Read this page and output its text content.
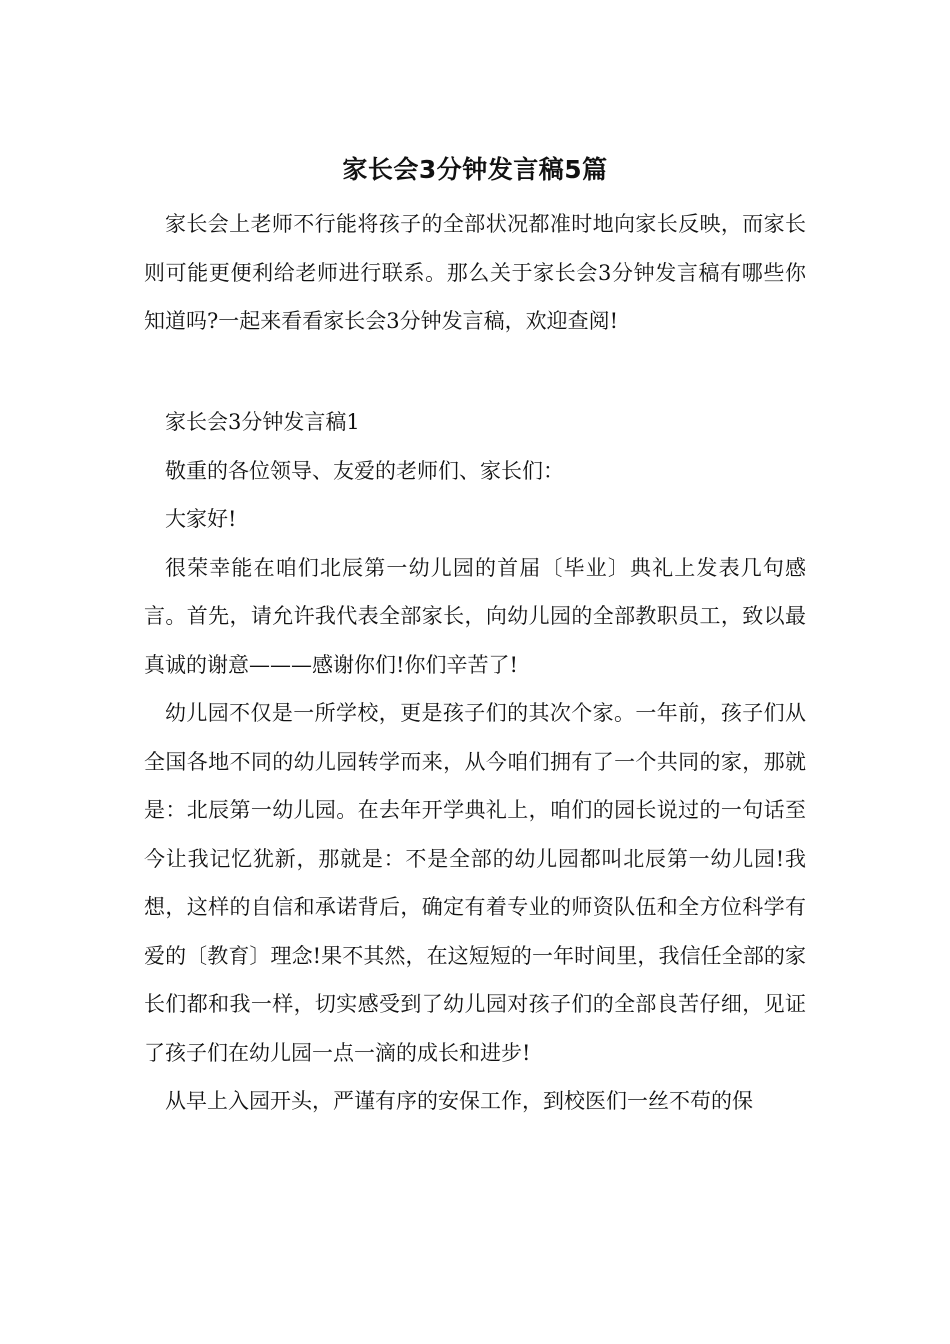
家长会3分钟发言稿5篇

家长会上老师不行能将孩子的全部状况都准时地向家长反映，而家长则可能更便利给老师进行联系。那么关于家长会3分钟发言稿有哪些你知道吗?一起来看看家长会3分钟发言稿，欢迎查阅!

家长会3分钟发言稿1

敬重的各位领导、友爱的老师们、家长们：

大家好!

很荣幸能在咱们北辰第一幼儿园的首届〔毕业〕典礼上发表几句感言。首先，请允许我代表全部家长，向幼儿园的全部教职员工，致以最真诚的谢意———感谢你们!你们辛苦了!

幼儿园不仅是一所学校，更是孩子们的其次个家。一年前，孩子们从全国各地不同的幼儿园转学而来，从今咱们拥有了一个共同的家，那就是：北辰第一幼儿园。在去年开学典礼上，咱们的园长说过的一句话至今让我记忆犹新，那就是：不是全部的幼儿园都叫北辰第一幼儿园!我想，这样的自信和承诺背后，确定有着专业的师资队伍和全方位科学有爱的〔教育〕理念!果不其然，在这短短的一年时间里，我信任全部的家长们都和我一样，切实感受到了幼儿园对孩子们的全部良苦仔细，见证了孩子们在幼儿园一点一滴的成长和进步!

从早上入园开头，严谨有序的安保工作，到校医们一丝不苟的保
